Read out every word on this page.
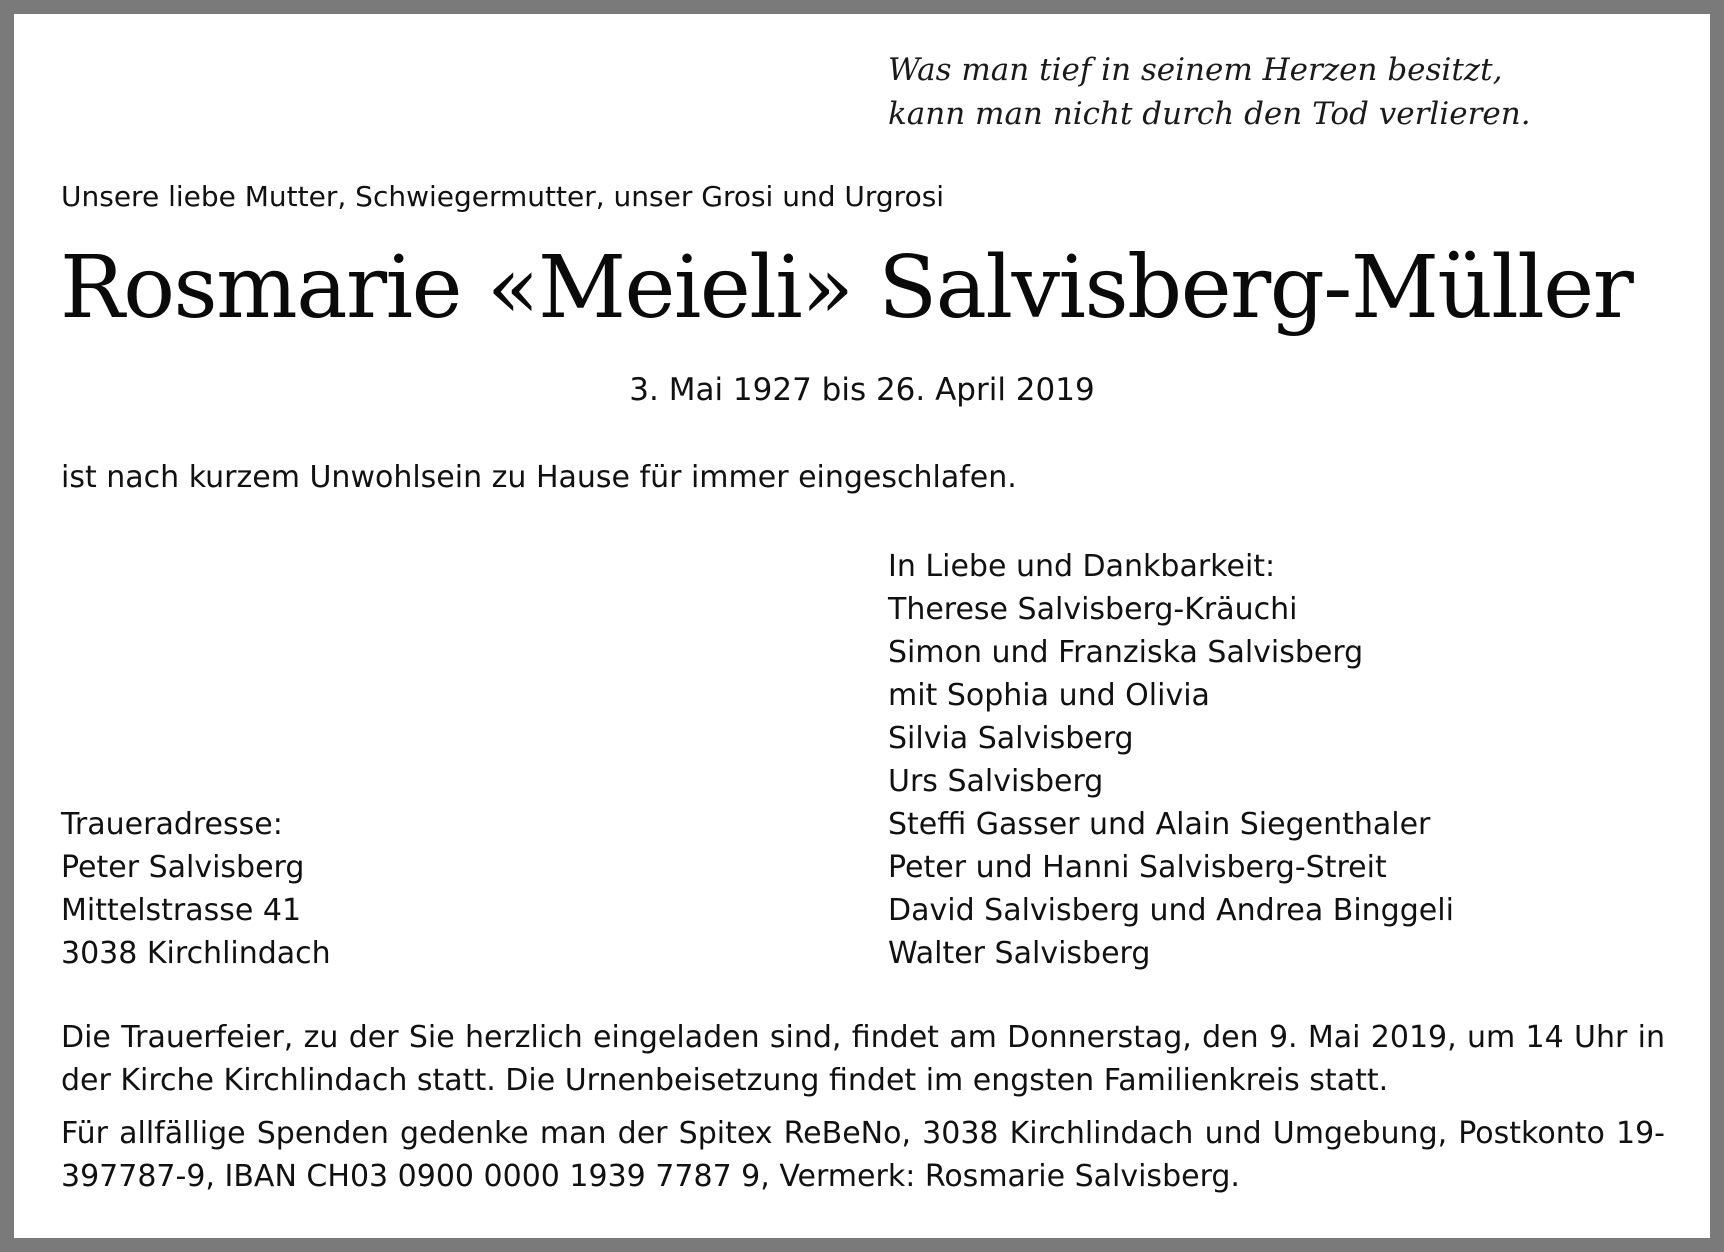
Was man tief in seinem Herzen besitzt,
kann man nicht durch den Tod verlieren.
Unsere liebe Mutter, Schwiegermutter, unser Grosi und Urgrosi
Rosmarie «Meieli» Salvisberg-Müller
3. Mai 1927 bis 26. April 2019
ist nach kurzem Unwohlsein zu Hause für immer eingeschlafen.
In Liebe und Dankbarkeit:
Therese Salvisberg-Kräuchi
Simon und Franziska Salvisberg
mit Sophia und Olivia
Silvia Salvisberg
Urs Salvisberg
Steffi Gasser und Alain Siegenthaler
Peter und Hanni Salvisberg-Streit
David Salvisberg und Andrea Binggeli
Walter Salvisberg
Traueradresse:
Peter Salvisberg
Mittelstrasse 41
3038 Kirchlindach
Die Trauerfeier, zu der Sie herzlich eingeladen sind, findet am Donnerstag, den 9. Mai 2019, um 14 Uhr in der Kirche Kirchlindach statt. Die Urnenbeisetzung findet im engsten Familienkreis statt.
Für allfällige Spenden gedenke man der Spitex ReBeNo, 3038 Kirchlindach und Umgebung, Postkonto 19-397787-9, IBAN CH03 0900 0000 1939 7787 9, Vermerk: Rosmarie Salvisberg.
